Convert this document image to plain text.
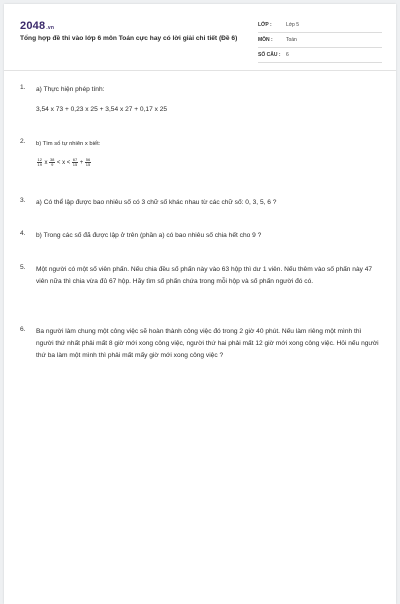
2048.vn
Tổng hợp đề thi vào lớp 6 môn Toán cực hay có lời giải chi tiết (Đề 6)
LỚP :	Lớp 5
MÔN :	Toán
SỐ CÂU : 6
1. a) Thực hiện phép tính:
3,54 x 73 + 0,23 x 25 + 3,54 x 27 + 0,17 x 25
2. b) Tìm số tự nhiên x biết:
$\frac{12}{19}$ x $\frac{38}{9} < x < \frac{67}{15} + \frac{56}{15}$
3. a) Có thể lập được bao nhiêu số có 3 chữ số khác nhau từ các chữ số: 0, 3, 5, 6 ?
4. b) Trong các số đã được lập ở trên (phần a) có bao nhiêu số chia hết cho 9 ?
5. Một người có một số viên phấn. Nếu chia đều số phấn này vào 63 hộp thì dư 1 viên. Nếu thêm vào số phấn này 47 viên nữa thì chia vừa đủ 67 hộp. Hãy tìm số phấn chứa trong mỗi hộp và số phấn người đó có.
6. Ba người làm chung một công việc sẽ hoàn thành công việc đó trong 2 giờ 40 phút. Nếu làm riêng một mình thì người thứ nhất phải mất 8 giờ mới xong công việc, người thứ hai phải mất 12 giờ mới xong công việc. Hỏi nếu người thứ ba làm một mình thì phải mất mấy giờ mới xong công việc ?
